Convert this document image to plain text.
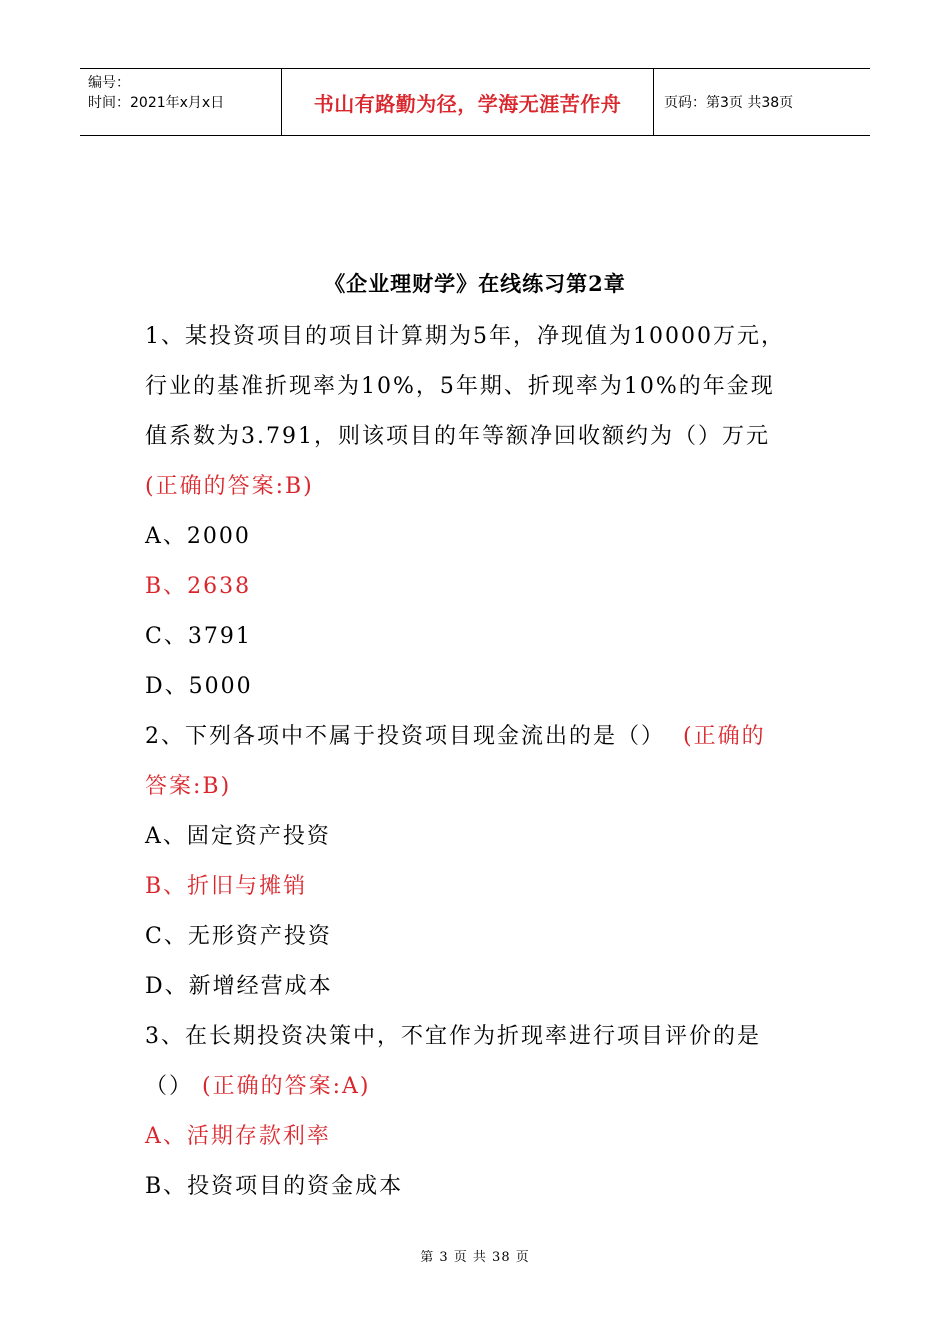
编号：
时间：2021年x月x日	书山有路勤为径，学海无涯苦作舟	页码：第3页 共38页
《企业理财学》在线练习第2章
1、某投资项目的项目计算期为5年，净现值为10000万元，
行业的基准折现率为10%，5年期、折现率为10%的年金现
值系数为3.791，则该项目的年等额净回收额约为（）万元
(正确的答案:B)
A、2000
B、2638
C、3791
D、5000
2、下列各项中不属于投资项目现金流出的是（） (正确的
答案:B)
A、固定资产投资
B、折旧与摊销
C、无形资产投资
D、新增经营成本
3、在长期投资决策中，不宜作为折现率进行项目评价的是
（） (正确的答案:A)
A、活期存款利率
B、投资项目的资金成本
第 3 页 共 38 页
